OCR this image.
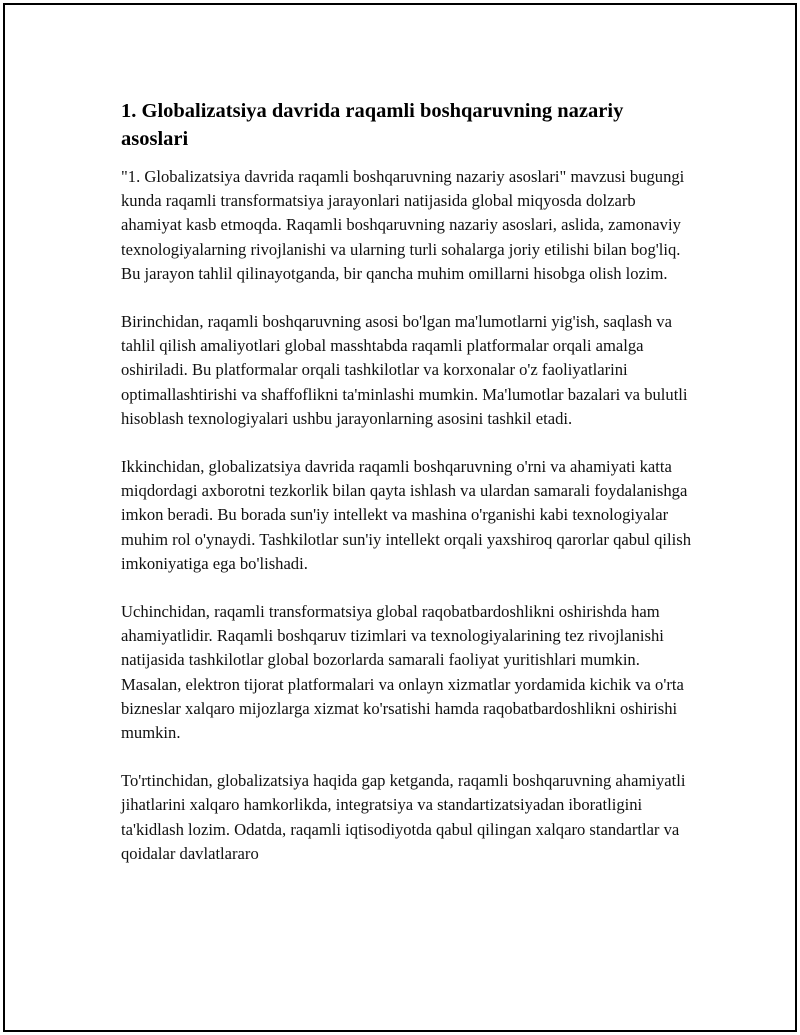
1. Globalizatsiya davrida raqamli boshqaruvning nazariy asoslari

"1. Globalizatsiya davrida raqamli boshqaruvning nazariy asoslari" mavzusi bugungi kunda raqamli transformatsiya jarayonlari natijasida global miqyosda dolzarb ahamiyat kasb etmoqda. Raqamli boshqaruvning nazariy asoslari, aslida, zamonaviy texnologiyalarning rivojlanishi va ularning turli sohalarga joriy etilishi bilan bog'liq. Bu jarayon tahlil qilinayotganda, bir qancha muhim omillarni hisobga olish lozim.

Birinchidan, raqamli boshqaruvning asosi bo'lgan ma'lumotlarni yig'ish, saqlash va tahlil qilish amaliyotlari global masshtabda raqamli platformalar orqali amalga oshiriladi. Bu platformalar orqali tashkilotlar va korxonalar o'z faoliyatlarini optimallashtirishi va shaffoflikni ta'minlashi mumkin. Ma'lumotlar bazalari va bulutli hisoblash texnologiyalari ushbu jarayonlarning asosini tashkil etadi.

Ikkinchidan, globalizatsiya davrida raqamli boshqaruvning o'rni va ahamiyati katta miqdordagi axborotni tezkorlik bilan qayta ishlash va ulardan samarali foydalanishga imkon beradi. Bu borada sun'iy intellekt va mashina o'rganishi kabi texnologiyalar muhim rol o'ynaydi. Tashkilotlar sun'iy intellekt orqali yaxshiroq qarorlar qabul qilish imkoniyatiga ega bo'lishadi.

Uchinchidan, raqamli transformatsiya global raqobatbardoshlikni oshirishda ham ahamiyatlidir. Raqamli boshqaruv tizimlari va texnologiyalarining tez rivojlanishi natijasida tashkilotlar global bozorlarda samarali faoliyat yuritishlari mumkin. Masalan, elektron tijorat platformalari va onlayn xizmatlar yordamida kichik va o'rta bizneslar xalqaro mijozlarga xizmat ko'rsatishi hamda raqobatbardoshlikni oshirishi mumkin.

To'rtinchidan, globalizatsiya haqida gap ketganda, raqamli boshqaruvning ahamiyatli jihatlarini xalqaro hamkorlikda, integratsiya va standartizatsiyadan iboratligini ta'kidlash lozim. Odatda, raqamli iqtisodiyotda qabul qilingan xalqaro standartlar va qoidalar davlatlararo
